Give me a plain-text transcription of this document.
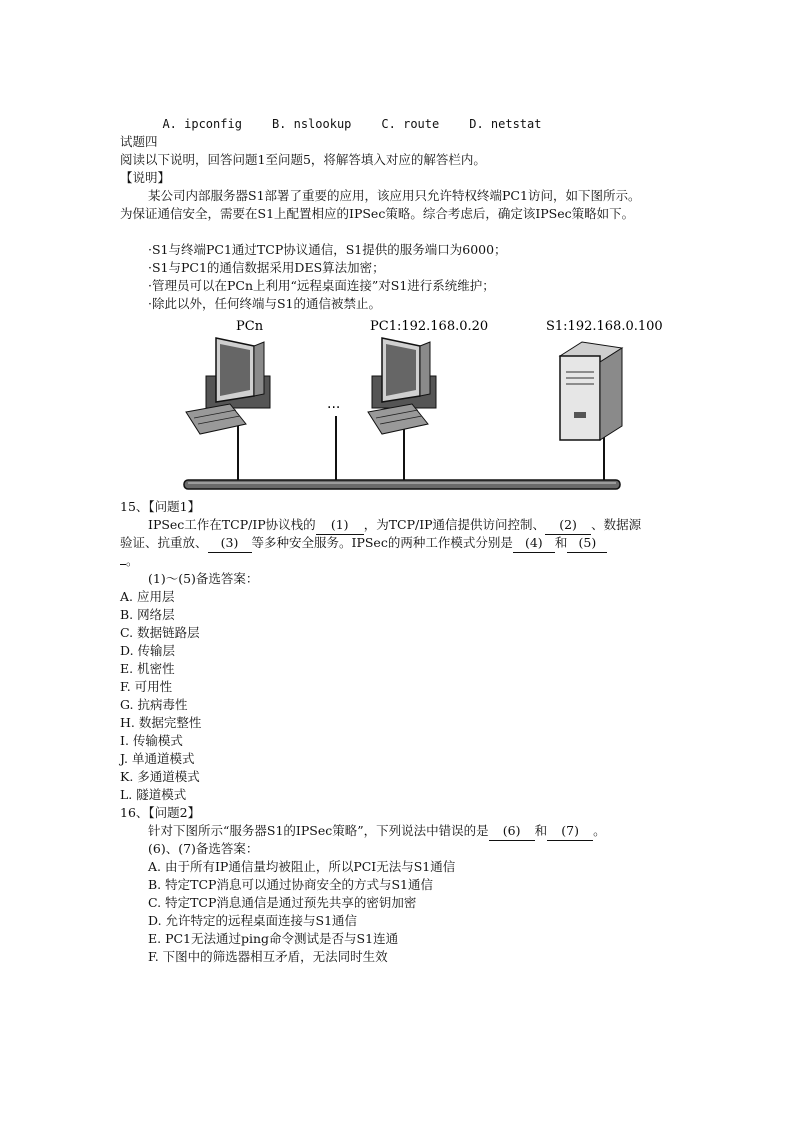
A. ipconfig	B. nslookup	C. route	D. netstat

试题四
阅读以下说明，回答问题1至问题5，将解答填入对应的解答栏内。
【说明】
某公司内部服务器S1部署了重要的应用，该应用只允许特权终端PC1访问，如下图所示。
为保证通信安全，需要在S1上配置相应的IPSec策略。综合考虑后，确定该IPSec策略如下。
·S1与终端PC1通过TCP协议通信，S1提供的服务端口为6000；
·S1与PC1的通信数据采用DES算法加密；
·管理员可以在PCn上利用“远程桌面连接”对S1进行系统维护；
·除此以外，任何终端与S1的通信被禁止。
PCn	PC1:192.168.0.20	S1:192.168.0.100
...
15、【问题1】
IPSec工作在TCP/IP协议栈的 (1) ，为TCP/IP通信提供访问控制、 (2) 、数据源
验证、抗重放、 (3) 等多种安全服务。IPSec的两种工作模式分别是 (4) 和 (5)
。
(1)～(5)备选答案：
A. 应用层
B. 网络层
C. 数据链路层
D. 传输层
E. 机密性
F. 可用性
G. 抗病毒性
H. 数据完整性
I. 传输模式
J. 单通道模式
K. 多通道模式
L. 隧道模式
16、【问题2】
针对下图所示“服务器S1的IPSec策略”，下列说法中错误的是 (6) 和 (7) 。
(6)、(7)备选答案：
A. 由于所有IP通信量均被阻止，所以PCI无法与S1通信
B. 特定TCP消息可以通过协商安全的方式与S1通信
C. 特定TCP消息通信是通过预先共享的密钥加密
D. 允许特定的远程桌面连接与S1通信
E. PC1无法通过ping命令测试是否与S1连通
F. 下图中的筛选器相互矛盾，无法同时生效
